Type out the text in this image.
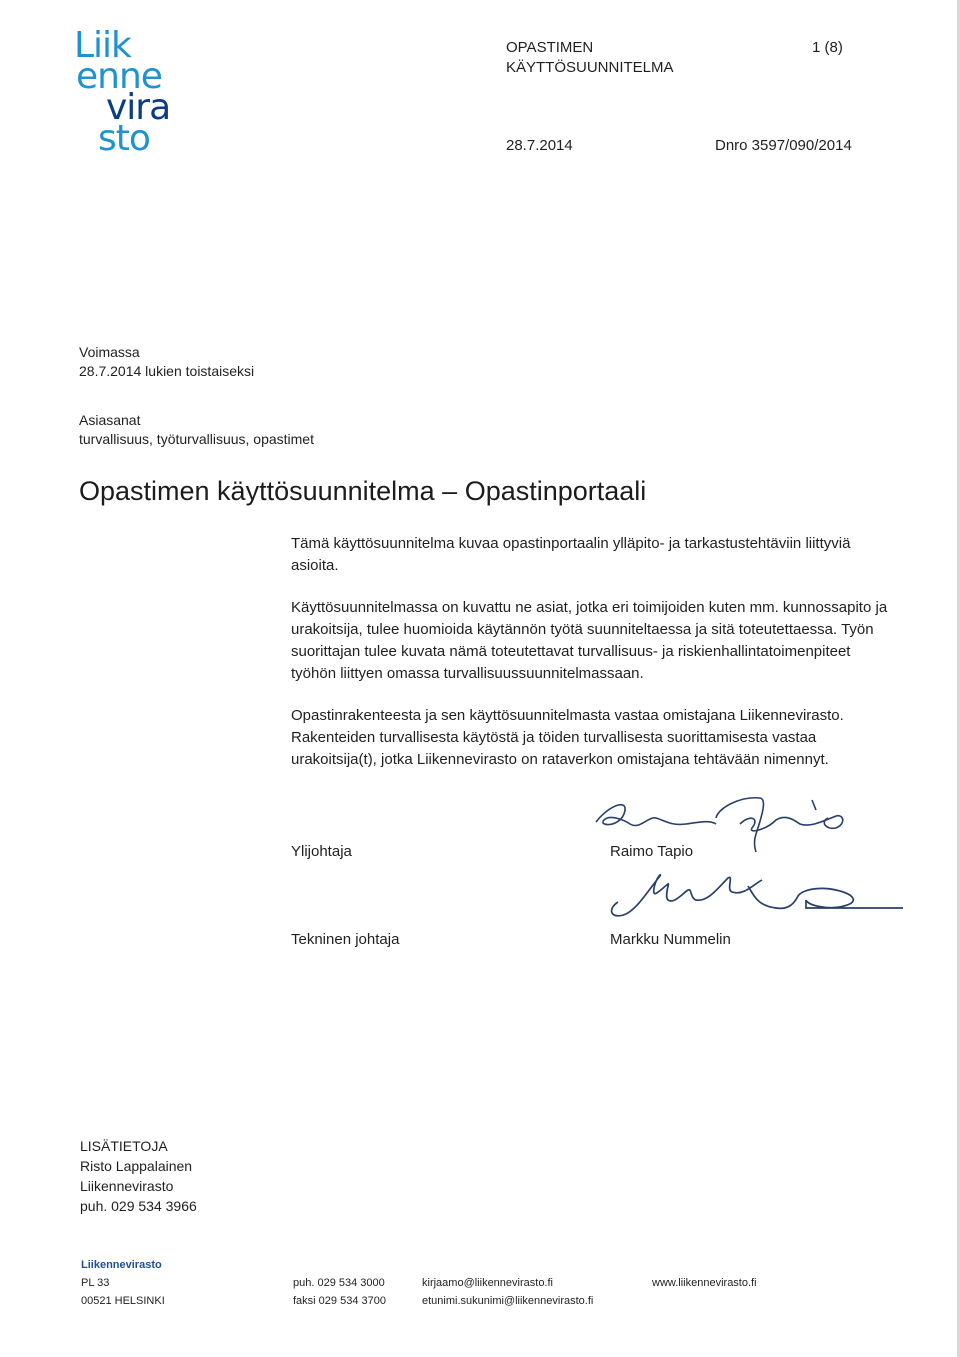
Liik
enne
vira
sto
OPASTIMEN
KÄYTTÖSUUNNITELMA
1 (8)
28.7.2014	Dnro 3597/090/2014
Voimassa
28.7.2014 lukien toistaiseksi
Asiasanat
turvallisuus, työturvallisuus, opastimet
Opastimen käyttösuunnitelma – Opastinportaali

Tämä käyttösuunnitelma kuvaa opastinportaalin ylläpito- ja tarkastustehtäviin liittyviä asioita.

Käyttösuunnitelmassa on kuvattu ne asiat, jotka eri toimijoiden kuten mm. kunnossapito ja urakoitsija, tulee huomioida käytännön työtä suunniteltaessa ja sitä toteutettaessa. Työn suorittajan tulee kuvata nämä toteutettavat turvallisuus- ja riskienhallintatoimenpiteet työhön liittyen omassa turvallisuussuunnitelmassaan.

Opastinrakenteesta ja sen käyttösuunnitelmasta vastaa omistajana Liikennevirasto. Rakenteiden turvallisesta käytöstä ja töiden turvallisesta suorittamisesta vastaa urakoitsija(t), jotka Liikennevirasto on rataverkon omistajana tehtävään nimennyt.

Ylijohtaja	Raimo Tapio
Tekninen johtaja	Markku Nummelin
LISÄTIETOJA
Risto Lappalainen
Liikennevirasto
puh. 029 534 3966
Liikennevirasto
PL 33
00521 HELSINKI
puh. 029 534 3000
faksi 029 534 3700
kirjaamo@liikennevirasto.fi
etunimi.sukunimi@liikennevirasto.fi
www.liikennevirasto.fi
